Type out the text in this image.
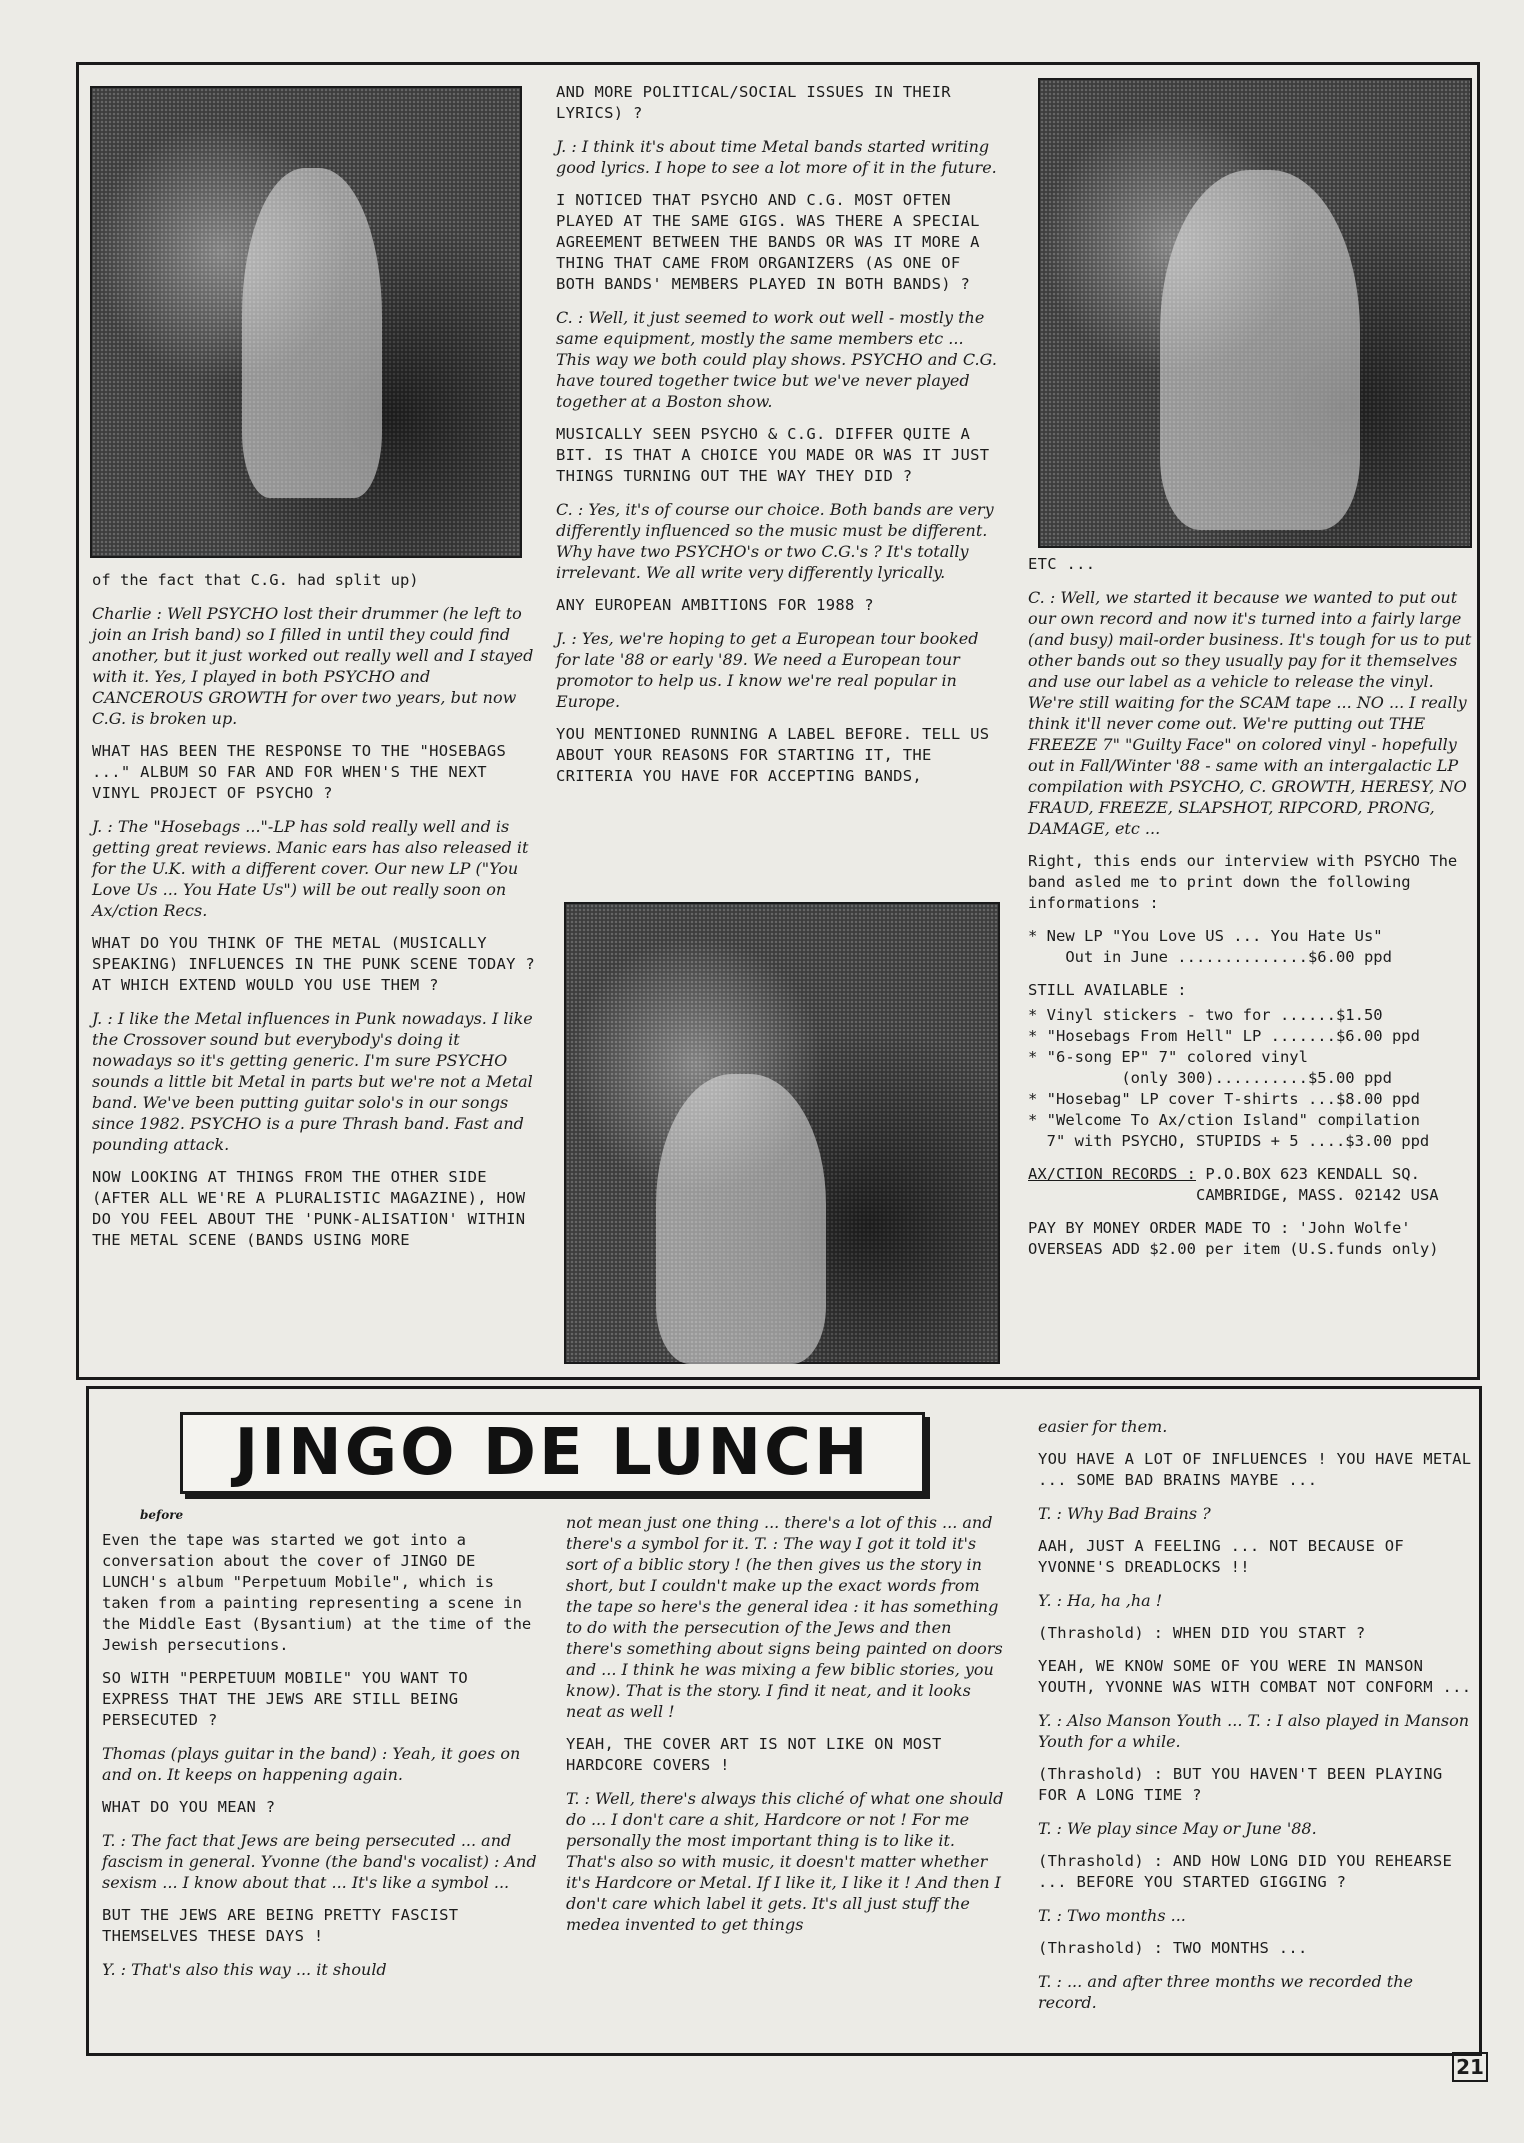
of the fact that C.G. had split up)

Charlie : Well PSYCHO lost their drummer (he left to join an Irish band) so I filled in until they could find another, but it just worked out really well and I stayed with it. Yes, I played in both PSYCHO and CANCEROUS GROWTH for over two years, but now C.G. is broken up.

WHAT HAS BEEN THE RESPONSE TO THE "HOSEBAGS ..." ALBUM SO FAR AND FOR WHEN'S THE NEXT VINYL PROJECT OF PSYCHO ?

J. : The "Hosebags ..."-LP has sold really well and is getting great reviews. Manic ears has also released it for the U.K. with a different cover. Our new LP ("You Love Us ... You Hate Us") will be out really soon on Ax/ction Recs.

WHAT DO YOU THINK OF THE METAL (MUSICALLY SPEAKING) INFLUENCES IN THE PUNK SCENE TODAY ? AT WHICH EXTEND WOULD YOU USE THEM ?

J. : I like the Metal influences in Punk nowadays. I like the Crossover sound but everybody's doing it nowadays so it's getting generic. I'm sure PSYCHO sounds a little bit Metal in parts but we're not a Metal band. We've been putting guitar solo's in our songs since 1982. PSYCHO is a pure Thrash band. Fast and pounding attack.

NOW LOOKING AT THINGS FROM THE OTHER SIDE (AFTER ALL WE'RE A PLURALISTIC MAGAZINE), HOW DO YOU FEEL ABOUT THE 'PUNK-ALISATION' WITHIN THE METAL SCENE (BANDS USING MORE

AND MORE POLITICAL/SOCIAL ISSUES IN THEIR LYRICS) ?

J. : I think it's about time Metal bands started writing good lyrics. I hope to see a lot more of it in the future.

I NOTICED THAT PSYCHO AND C.G. MOST OFTEN PLAYED AT THE SAME GIGS. WAS THERE A SPECIAL AGREEMENT BETWEEN THE BANDS OR WAS IT MORE A THING THAT CAME FROM ORGANIZERS (AS ONE OF BOTH BANDS' MEMBERS PLAYED IN BOTH BANDS) ?

C. : Well, it just seemed to work out well - mostly the same equipment, mostly the same members etc ... This way we both could play shows. PSYCHO and C.G. have toured together twice but we've never played together at a Boston show.

MUSICALLY SEEN PSYCHO & C.G. DIFFER QUITE A BIT. IS THAT A CHOICE YOU MADE OR WAS IT JUST THINGS TURNING OUT THE WAY THEY DID ?

C. : Yes, it's of course our choice. Both bands are very differently influenced so the music must be different. Why have two PSYCHO's or two C.G.'s ? It's totally irrelevant. We all write very differently lyrically.

ANY EUROPEAN AMBITIONS FOR 1988 ?

J. : Yes, we're hoping to get a European tour booked for late '88 or early '89. We need a European tour promotor to help us. I know we're real popular in Europe.

YOU MENTIONED RUNNING A LABEL BEFORE. TELL US ABOUT YOUR REASONS FOR STARTING IT, THE CRITERIA YOU HAVE FOR ACCEPTING BANDS,

ETC ...

C. : Well, we started it because we wanted to put out our own record and now it's turned into a fairly large (and busy) mail-order business. It's tough for us to put other bands out so they usually pay for it themselves and use our label as a vehicle to release the vinyl. We're still waiting for the SCAM tape ... NO ... I really think it'll never come out. We're putting out THE FREEZE 7" "Guilty Face" on colored vinyl - hopefully out in Fall/Winter '88 - same with an intergalactic LP compilation with PSYCHO, C. GROWTH, HERESY, NO FRAUD, FREEZE, SLAPSHOT, RIPCORD, PRONG, DAMAGE, etc ...

Right, this ends our interview with PSYCHO The band asled me to print down the following informations :

* New LP "You Love US ... You Hate Us"
Out in June ..............$6.00 ppd

STILL AVAILABLE :

* Vinyl stickers - two for ......$1.50
* "Hosebags From Hell" LP .......$6.00 ppd
* "6-song EP" 7" colored vinyl
(only 300)..........$5.00 ppd
* "Hosebag" LP cover T-shirts ...$8.00 ppd
* "Welcome To Ax/ction Island" compilation
7" with PSYCHO, STUPIDS + 5 ....$3.00 ppd

AX/CTION RECORDS : P.O.BOX 623 KENDALL SQ.
CAMBRIDGE, MASS. 02142 USA

PAY BY MONEY ORDER MADE TO : 'John Wolfe' OVERSEAS ADD $2.00 per item (U.S.funds only)

JINGO DE LUNCH
before

Even the tape was started we got into a conversation about the cover of JINGO DE LUNCH's album "Perpetuum Mobile", which is taken from a painting representing a scene in the Middle East (Bysantium) at the time of the Jewish persecutions.

SO WITH "PERPETUUM MOBILE" YOU WANT TO EXPRESS THAT THE JEWS ARE STILL BEING PERSECUTED ?

Thomas (plays guitar in the band) : Yeah, it goes on and on. It keeps on happening again.

WHAT DO YOU MEAN ?

T. : The fact that Jews are being persecuted ... and fascism in general. Yvonne (the band's vocalist) : And sexism ... I know about that ... It's like a symbol ...

BUT THE JEWS ARE BEING PRETTY FASCIST THEMSELVES THESE DAYS !

Y. : That's also this way ... it should

not mean just one thing ... there's a lot of this ... and there's a symbol for it. T. : The way I got it told it's sort of a biblic story ! (he then gives us the story in short, but I couldn't make up the exact words from the tape so here's the general idea : it has something to do with the persecution of the Jews and then there's something about signs being painted on doors and ... I think he was mixing a few biblic stories, you know). That is the story. I find it neat, and it looks neat as well !

YEAH, THE COVER ART IS NOT LIKE ON MOST HARDCORE COVERS !

T. : Well, there's always this cliché of what one should do ... I don't care a shit, Hardcore or not ! For me personally the most important thing is to like it. That's also so with music, it doesn't matter whether it's Hardcore or Metal. If I like it, I like it ! And then I don't care which label it gets. It's all just stuff the medea invented to get things

easier for them.

YOU HAVE A LOT OF INFLUENCES ! YOU HAVE METAL ... SOME BAD BRAINS MAYBE ...

T. : Why Bad Brains ?

AAH, JUST A FEELING ... NOT BECAUSE OF YVONNE'S DREADLOCKS !!

Y. : Ha, ha ,ha !

(Thrashold) : WHEN DID YOU START ?

YEAH, WE KNOW SOME OF YOU WERE IN MANSON YOUTH, YVONNE WAS WITH COMBAT NOT CONFORM ...

Y. : Also Manson Youth ... T. : I also played in Manson Youth for a while.

(Thrashold) : BUT YOU HAVEN'T BEEN PLAYING FOR A LONG TIME ?

T. : We play since May or June '88.

(Thrashold) : AND HOW LONG DID YOU REHEARSE ... BEFORE YOU STARTED GIGGING ?

T. : Two months ...

(Thrashold) : TWO MONTHS ...

T. : ... and after three months we recorded the record.

21
